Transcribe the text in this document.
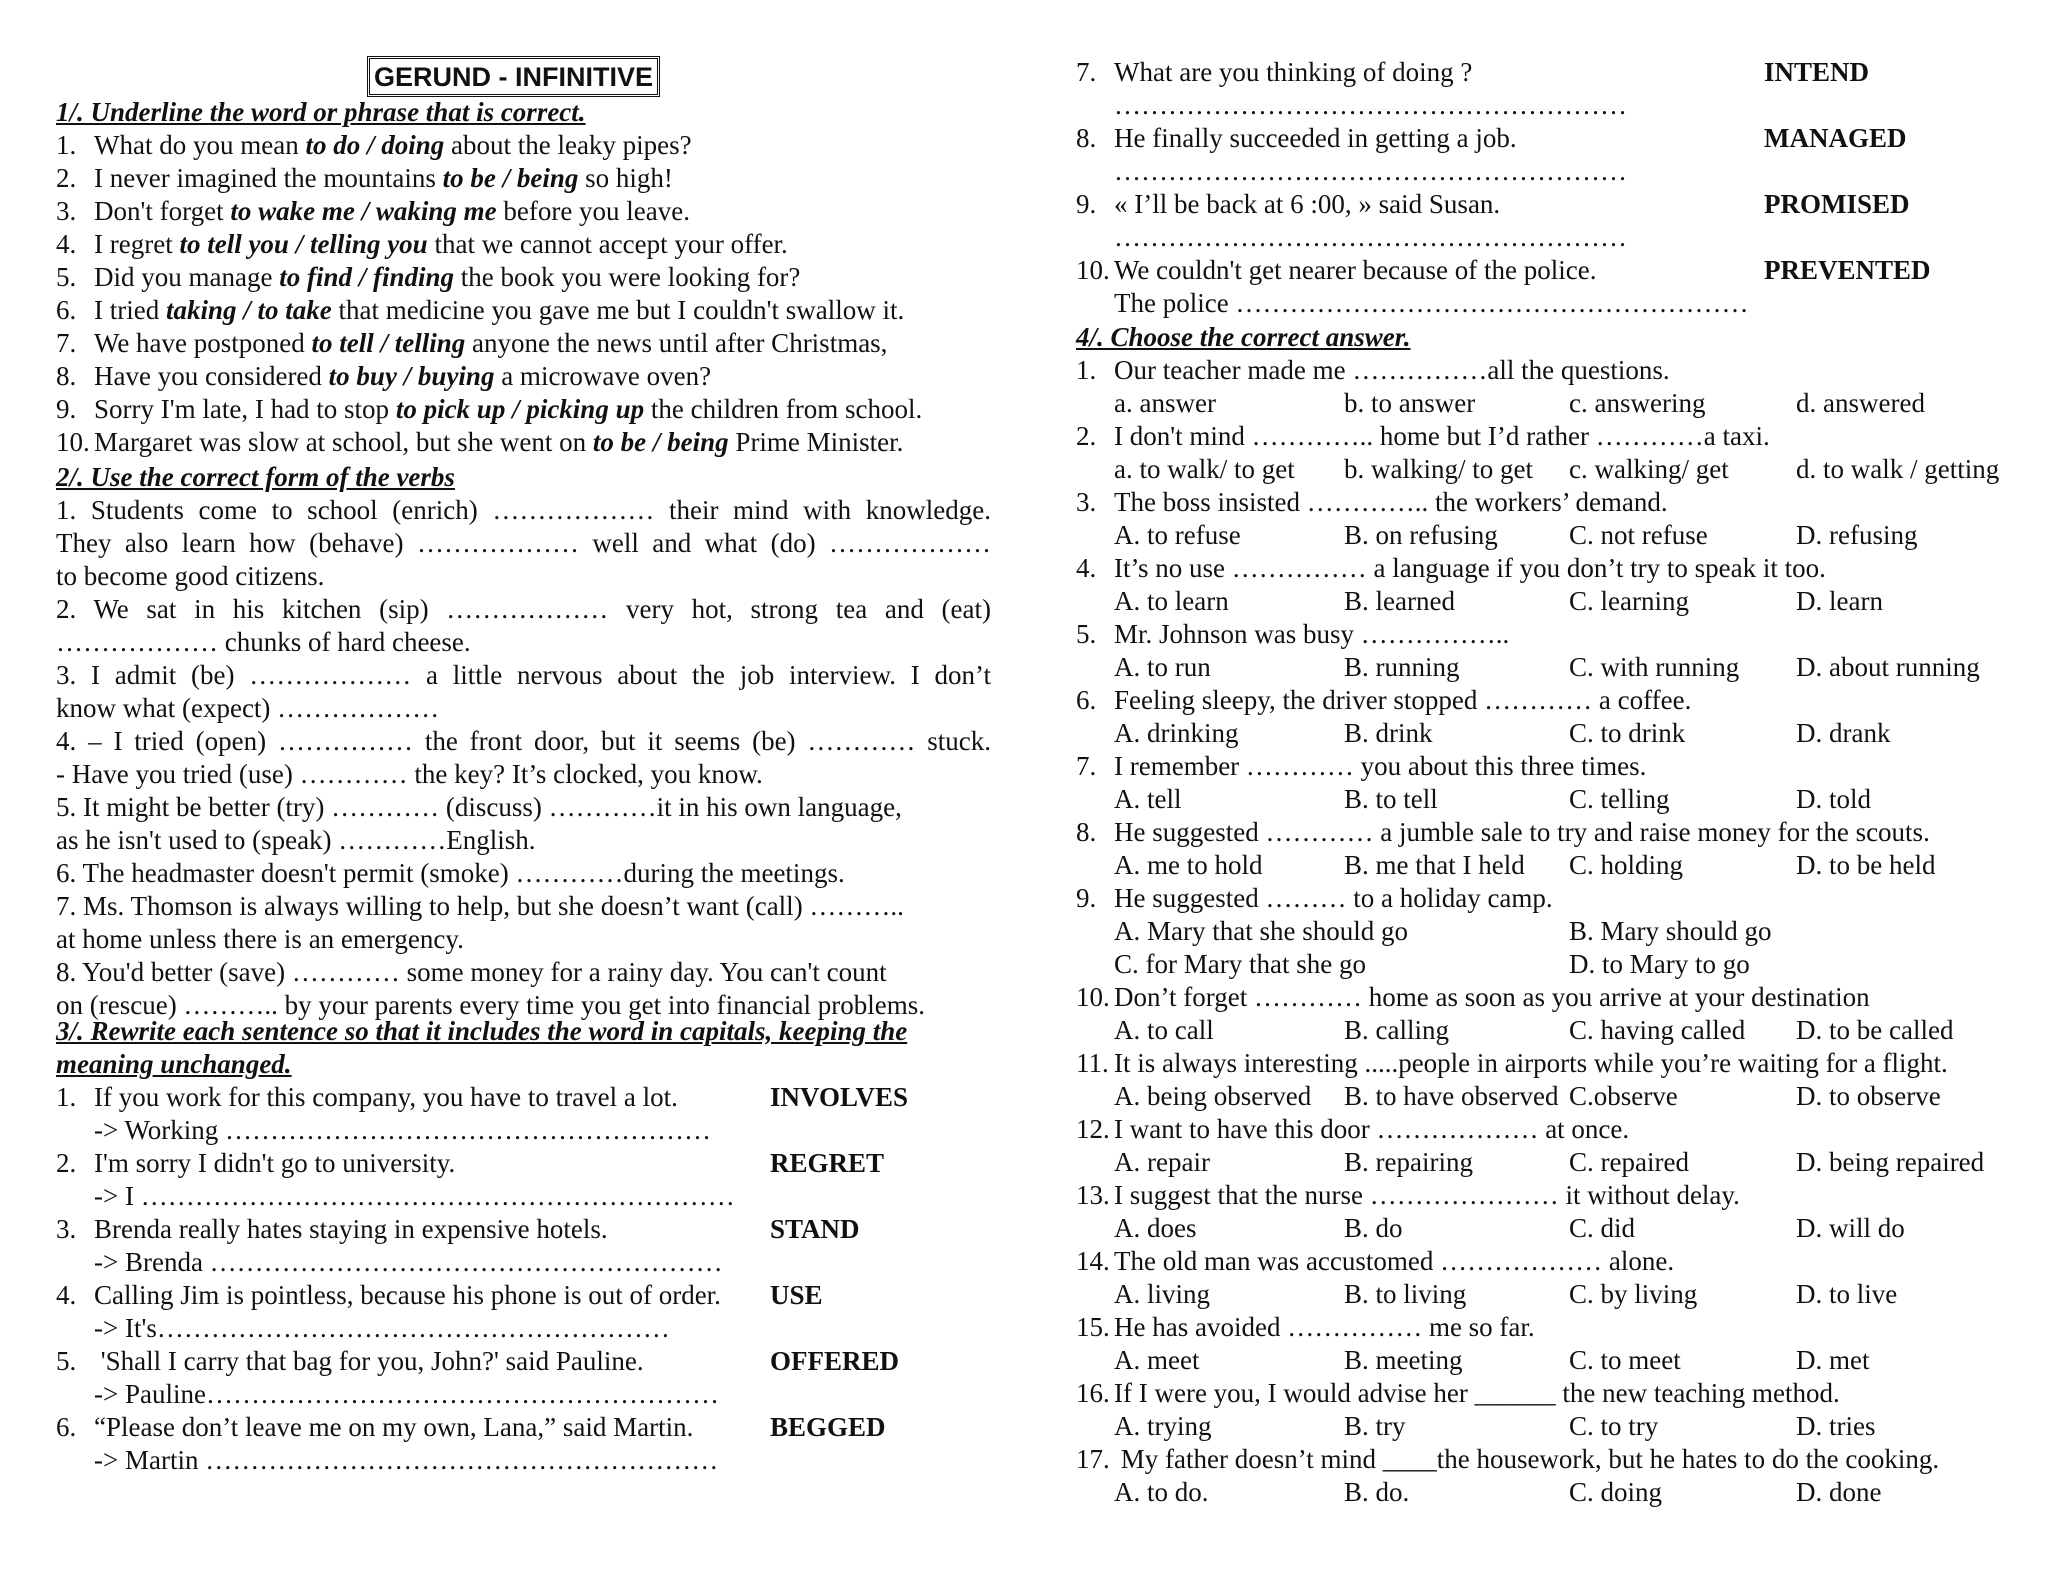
GERUND - INFINITIVE
1/. Underline the word or phrase that is correct.
1. What do you mean to do / doing about the leaky pipes?
2. I never imagined the mountains to be / being so high!
3. Don't forget to wake me / waking me before you leave.
4. I regret to tell you / telling you that we cannot accept your offer.
5. Did you manage to find / finding the book you were looking for?
6. I tried taking / to take that medicine you gave me but I couldn't swallow it.
7. We have postponed to tell / telling anyone the news until after Christmas,
8. Have you considered to buy / buying a microwave oven?
9. Sorry I'm late, I had to stop to pick up / picking up the children from school.
10. Margaret was slow at school, but she went on to be / being Prime Minister.
2/. Use the correct form of the verbs
1. Students come to school (enrich) ……………… their mind with knowledge.
They also learn how (behave) ……………… well and what (do) ………………
to become good citizens.
2. We sat in his kitchen (sip) ……………… very hot, strong tea and (eat)
……………… chunks of hard cheese.
3. I admit (be) ……………… a little nervous about the job interview. I don’t
know what (expect) ………………
4. – I tried (open) …………… the front door, but it seems (be) ………… stuck.
- Have you tried (use) ………… the key? It’s clocked, you know.
5. It might be better (try) ………… (discuss) …………it in his own language,
as he isn't used to (speak) …………English.
6. The headmaster doesn't permit (smoke) …………during the meetings.
7. Ms. Thomson is always willing to help, but she doesn’t want (call) ………..
at home unless there is an emergency.
8. You'd better (save) ………… some money for a rainy day. You can't count
on (rescue) ……….. by your parents every time you get into financial problems.
3/. Rewrite each sentence so that it includes the word in capitals, keeping the
meaning unchanged.
1. If you work for this company, you have to travel a lot.	INVOLVES
-> Working ………………………………………………
2. I'm sorry I didn't go to university.	REGRET
-> I …………………………………………………………
3. Brenda really hates staying in expensive hotels.	STAND
-> Brenda …………………………………………………
4. Calling Jim is pointless, because his phone is out of order. USE
-> It's…………………………………………………
5. 'Shall I carry that bag for you, John?' said Pauline.	OFFERED
-> Pauline…………………………………………………
6. “Please don’t leave me on my own, Lana,” said Martin.	BEGGED
-> Martin …………………………………………………
7. What are you thinking of doing ?	INTEND
…………………………………………………
8. He finally succeeded in getting a job.	MANAGED
…………………………………………………
9. « I’ll be back at 6 :00, » said Susan.	PROMISED
…………………………………………………
10. We couldn't get nearer because of the police.	PREVENTED
The police …………………………………………………
4/. Choose the correct answer.
1. Our teacher made me ……………all the questions.
a. answer	b. to answer	c. answering	d. answered
2. I don't mind ………….. home but I’d rather …………a taxi.
a. to walk/ to get b. walking/ to get c. walking/ get d. to walk / getting
3. The boss insisted ………….. the workers’ demand.
A. to refuse	B. on refusing	C. not refuse	D. refusing
4. It’s no use …………… a language if you don’t try to speak it too.
A. to learn	B. learned	C. learning	D. learn
5. Mr. Johnson was busy ……………..
A. to run	B. running	C. with running D. about running
6. Feeling sleepy, the driver stopped ………… a coffee.
A. drinking	B. drink	C. to drink	D. drank
7. I remember ………… you about this three times.
A. tell	B. to tell	C. telling	D. told
8. He suggested ………… a jumble sale to try and raise money for the scouts.
A. me to hold	B. me that I held C. holding	D. to be held
9. He suggested ……… to a holiday camp.
A. Mary that she should go	B. Mary should go
C. for Mary that she go	D. to Mary to go
10. Don’t forget ………… home as soon as you arrive at your destination
A. to call	B. calling	C. having called D. to be called
11. It is always interesting .....people in airports while you’re waiting for a flight.
A. being observed B. to have observed C.observe	D. to observe
12. I want to have this door ……………… at once.
A. repair	B. repairing	C. repaired	D. being repaired
13. I suggest that the nurse ………………… it without delay.
A. does	B. do	C. did	D. will do
14. The old man was accustomed ……………… alone.
A. living	B. to living	C. by living	D. to live
15. He has avoided …………… me so far.
A. meet	B. meeting	C. to meet	D. met
16. If I were you, I would advise her ______ the new teaching method.
A. trying	B. try	C. to try	D. tries
17. My father doesn’t mind ____the housework, but he hates to do the cooking.
A. to do.	B. do.	C. doing	D. done
